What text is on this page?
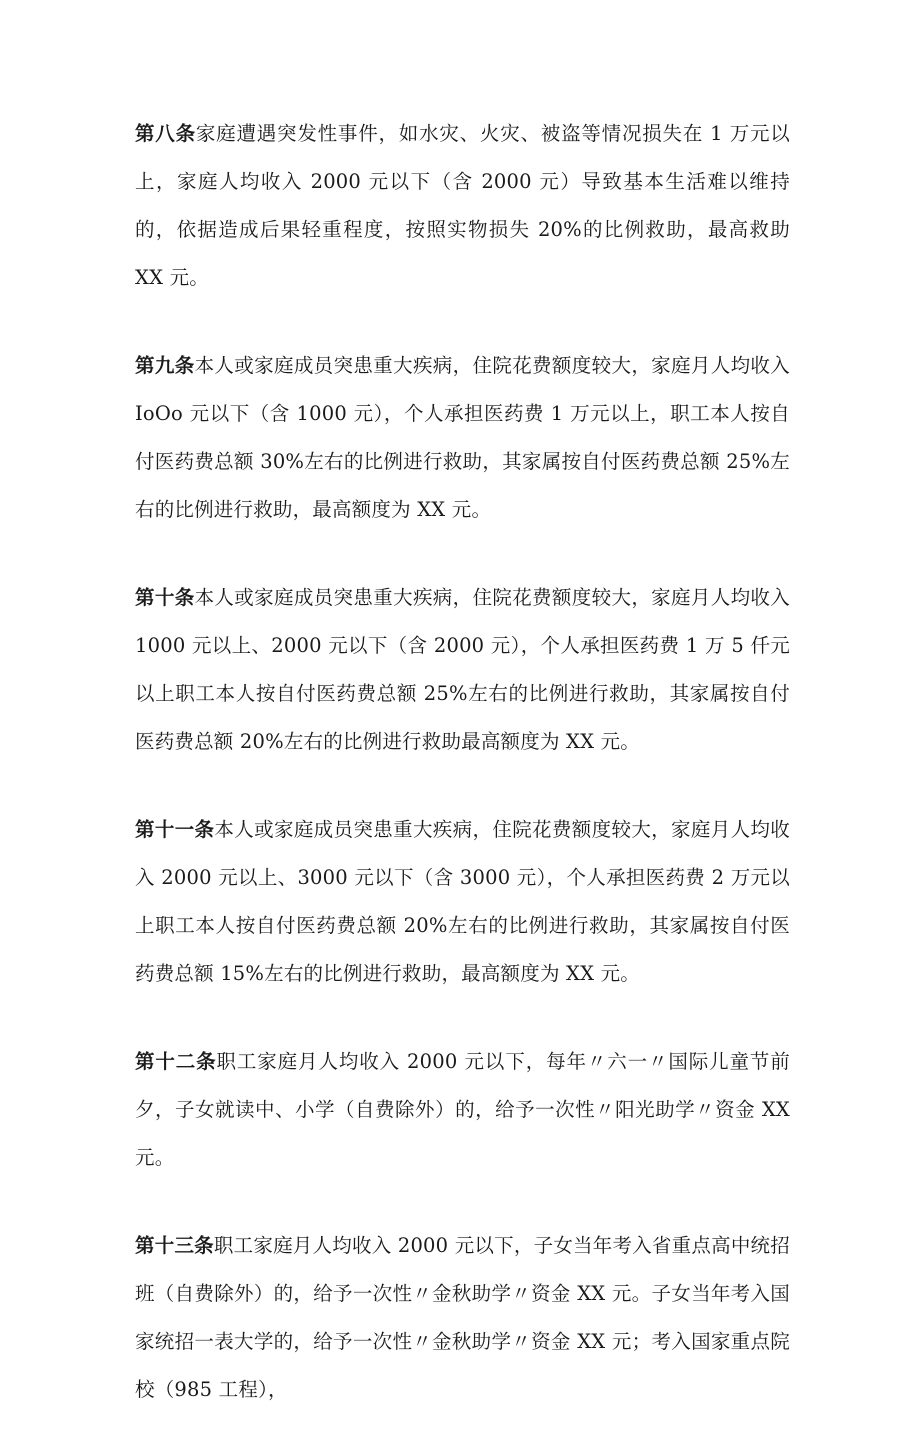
第八条家庭遭遇突发性事件，如水灾、火灾、被盗等情况损失在 1 万元以上，家庭人均收入 2000 元以下（含 2000 元）导致基本生活难以维持的，依据造成后果轻重程度，按照实物损失 20%的比例救助，最高救助 XX 元。

第九条本人或家庭成员突患重大疾病，住院花费额度较大，家庭月人均收入 IoOo 元以下（含 1000 元），个人承担医药费 1 万元以上，职工本人按自付医药费总额 30%左右的比例进行救助，其家属按自付医药费总额 25%左右的比例进行救助，最高额度为 XX 元。

第十条本人或家庭成员突患重大疾病，住院花费额度较大，家庭月人均收入 1000 元以上、2000 元以下（含 2000 元），个人承担医药费 1 万 5 仟元以上职工本人按自付医药费总额 25%左右的比例进行救助，其家属按自付医药费总额 20%左右的比例进行救助最高额度为 XX 元。

第十一条本人或家庭成员突患重大疾病，住院花费额度较大，家庭月人均收入 2000 元以上、3000 元以下（含 3000 元），个人承担医药费 2 万元以上职工本人按自付医药费总额 20%左右的比例进行救助，其家属按自付医药费总额 15%左右的比例进行救助，最高额度为 XX 元。

第十二条职工家庭月人均收入 2000 元以下，每年〃六一〃国际儿童节前夕，子女就读中、小学（自费除外）的，给予一次性〃阳光助学〃资金 XX 元。

第十三条职工家庭月人均收入 2000 元以下，子女当年考入省重点高中统招班（自费除外）的，给予一次性〃金秋助学〃资金 XX 元。子女当年考入国家统招一表大学的，给予一次性〃金秋助学〃资金 XX 元；考入国家重点院校（985 工程），
